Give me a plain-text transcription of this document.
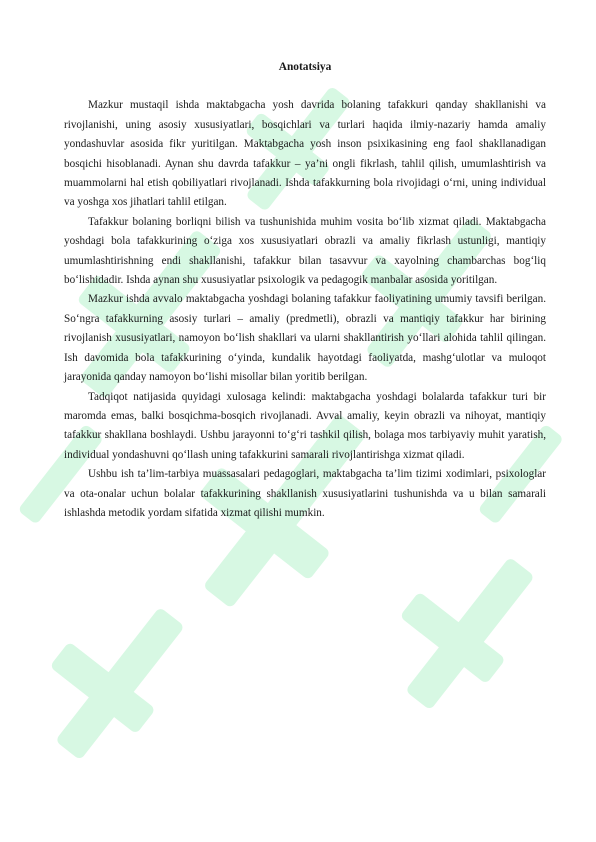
Anotatsiya

Mazkur mustaqil ishda maktabgacha yosh davrida bolaning tafakkuri qanday shakllanishi va rivojlanishi, uning asosiy xususiyatlari, bosqichlari va turlari haqida ilmiy-nazariy hamda amaliy yondashuvlar asosida fikr yuritilgan. Maktabgacha yosh inson psixikasining eng faol shakllanadigan bosqichi hisoblanadi. Aynan shu davrda tafakkur – ya’ni ongli fikrlash, tahlil qilish, umumlashtirish va muammolarni hal etish qobiliyatlari rivojlanadi. Ishda tafakkurning bola rivojidagi o‘rni, uning individual va yoshga xos jihatlari tahlil etilgan.

Tafakkur bolaning borliqni bilish va tushunishida muhim vosita bo‘lib xizmat qiladi. Maktabgacha yoshdagi bola tafakkurining o‘ziga xos xususiyatlari obrazli va amaliy fikrlash ustunligi, mantiqiy umumlashtirishning endi shakllanishi, tafakkur bilan tasavvur va xayolning chambarchas bog‘liq bo‘lishidadir. Ishda aynan shu xususiyatlar psixologik va pedagogik manbalar asosida yoritilgan.

Mazkur ishda avvalo maktabgacha yoshdagi bolaning tafakkur faoliyatining umumiy tavsifi berilgan. So‘ngra tafakkurning asosiy turlari – amaliy (predmetli), obrazli va mantiqiy tafakkur har birining rivojlanish xususiyatlari, namoyon bo‘lish shakllari va ularni shakllantirish yo‘llari alohida tahlil qilingan. Ish davomida bola tafakkurining o‘yinda, kundalik hayotdagi faoliyatda, mashg‘ulotlar va muloqot jarayonida qanday namoyon bo‘lishi misollar bilan yoritib berilgan.

Tadqiqot natijasida quyidagi xulosaga kelindi: maktabgacha yoshdagi bolalarda tafakkur turi bir maromda emas, balki bosqichma-bosqich rivojlanadi. Avval amaliy, keyin obrazli va nihoyat, mantiqiy tafakkur shakllana boshlaydi. Ushbu jarayonni to‘g‘ri tashkil qilish, bolaga mos tarbiyaviy muhit yaratish, individual yondashuvni qo‘llash uning tafakkurini samarali rivojlantirishga xizmat qiladi.

Ushbu ish ta’lim-tarbiya muassasalari pedagoglari, maktabgacha ta’lim tizimi xodimlari, psixologlar va ota-onalar uchun bolalar tafakkurining shakllanish xususiyatlarini tushunishda va u bilan samarali ishlashda metodik yordam sifatida xizmat qilishi mumkin.
